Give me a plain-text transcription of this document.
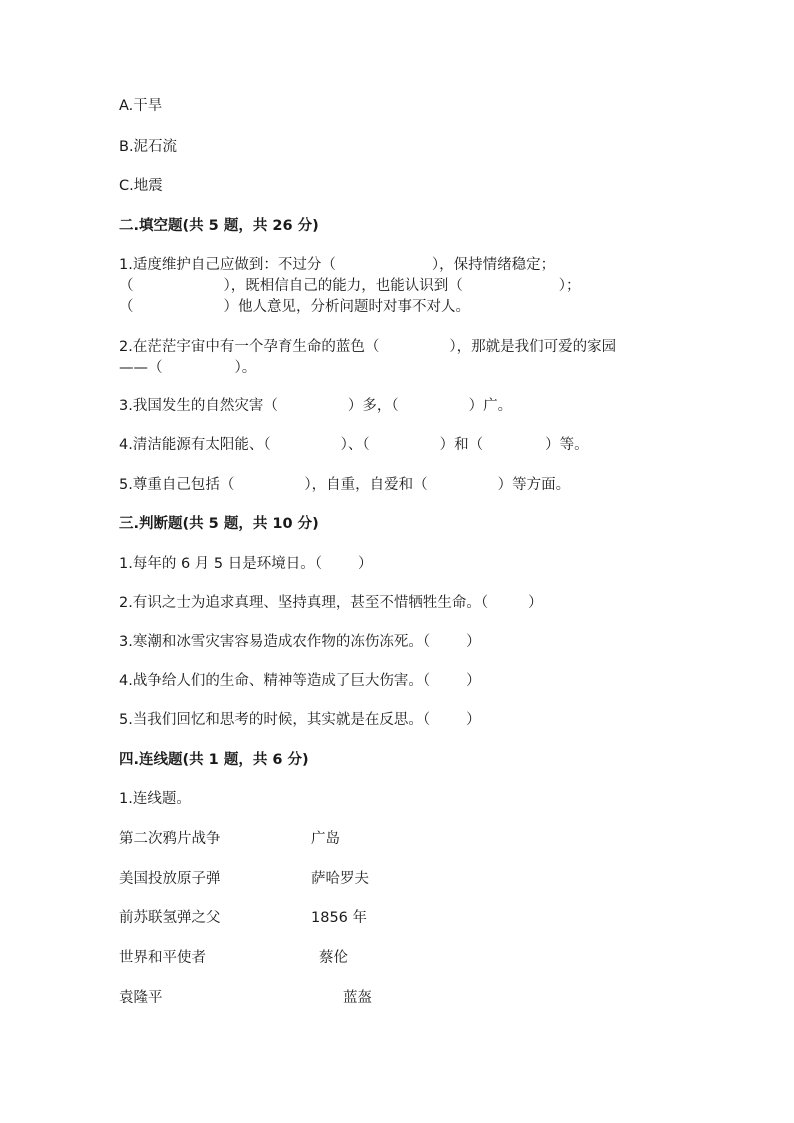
A.干旱
B.泥石流
C.地震
二.填空题(共 5 题，共 26 分)
1.适度维护自己应做到：不过分（	），保持情绪稳定；
（	），既相信自己的能力，也能认识到（	）；
（	）他人意见，分析问题时对事不对人。
2.在茫茫宇宙中有一个孕育生命的蓝色（	），那就是我们可爱的家园
——（	）。
3.我国发生的自然灾害（	）多，（	）广。
4.清洁能源有太阳能、（	）、（	）和（	）等。
5.尊重自己包括（	），自重，自爱和（	）等方面。
三.判断题(共 5 题，共 10 分)
1.每年的 6 月 5 日是环境日。（ ）
2.有识之士为追求真理、坚持真理，甚至不惜牺牲生命。（	）
3.寒潮和冰雪灾害容易造成农作物的冻伤冻死。（ ）
4.战争给人们的生命、精神等造成了巨大伤害。（ ）
5.当我们回忆和思考的时候，其实就是在反思。（ ）
四.连线题(共 1 题，共 6 分)
1.连线题。
第二次鸦片战争	广岛
美国投放原子弹	萨哈罗夫
前苏联氢弹之父	1856 年
世界和平使者	蔡伦
袁隆平	蓝盔
